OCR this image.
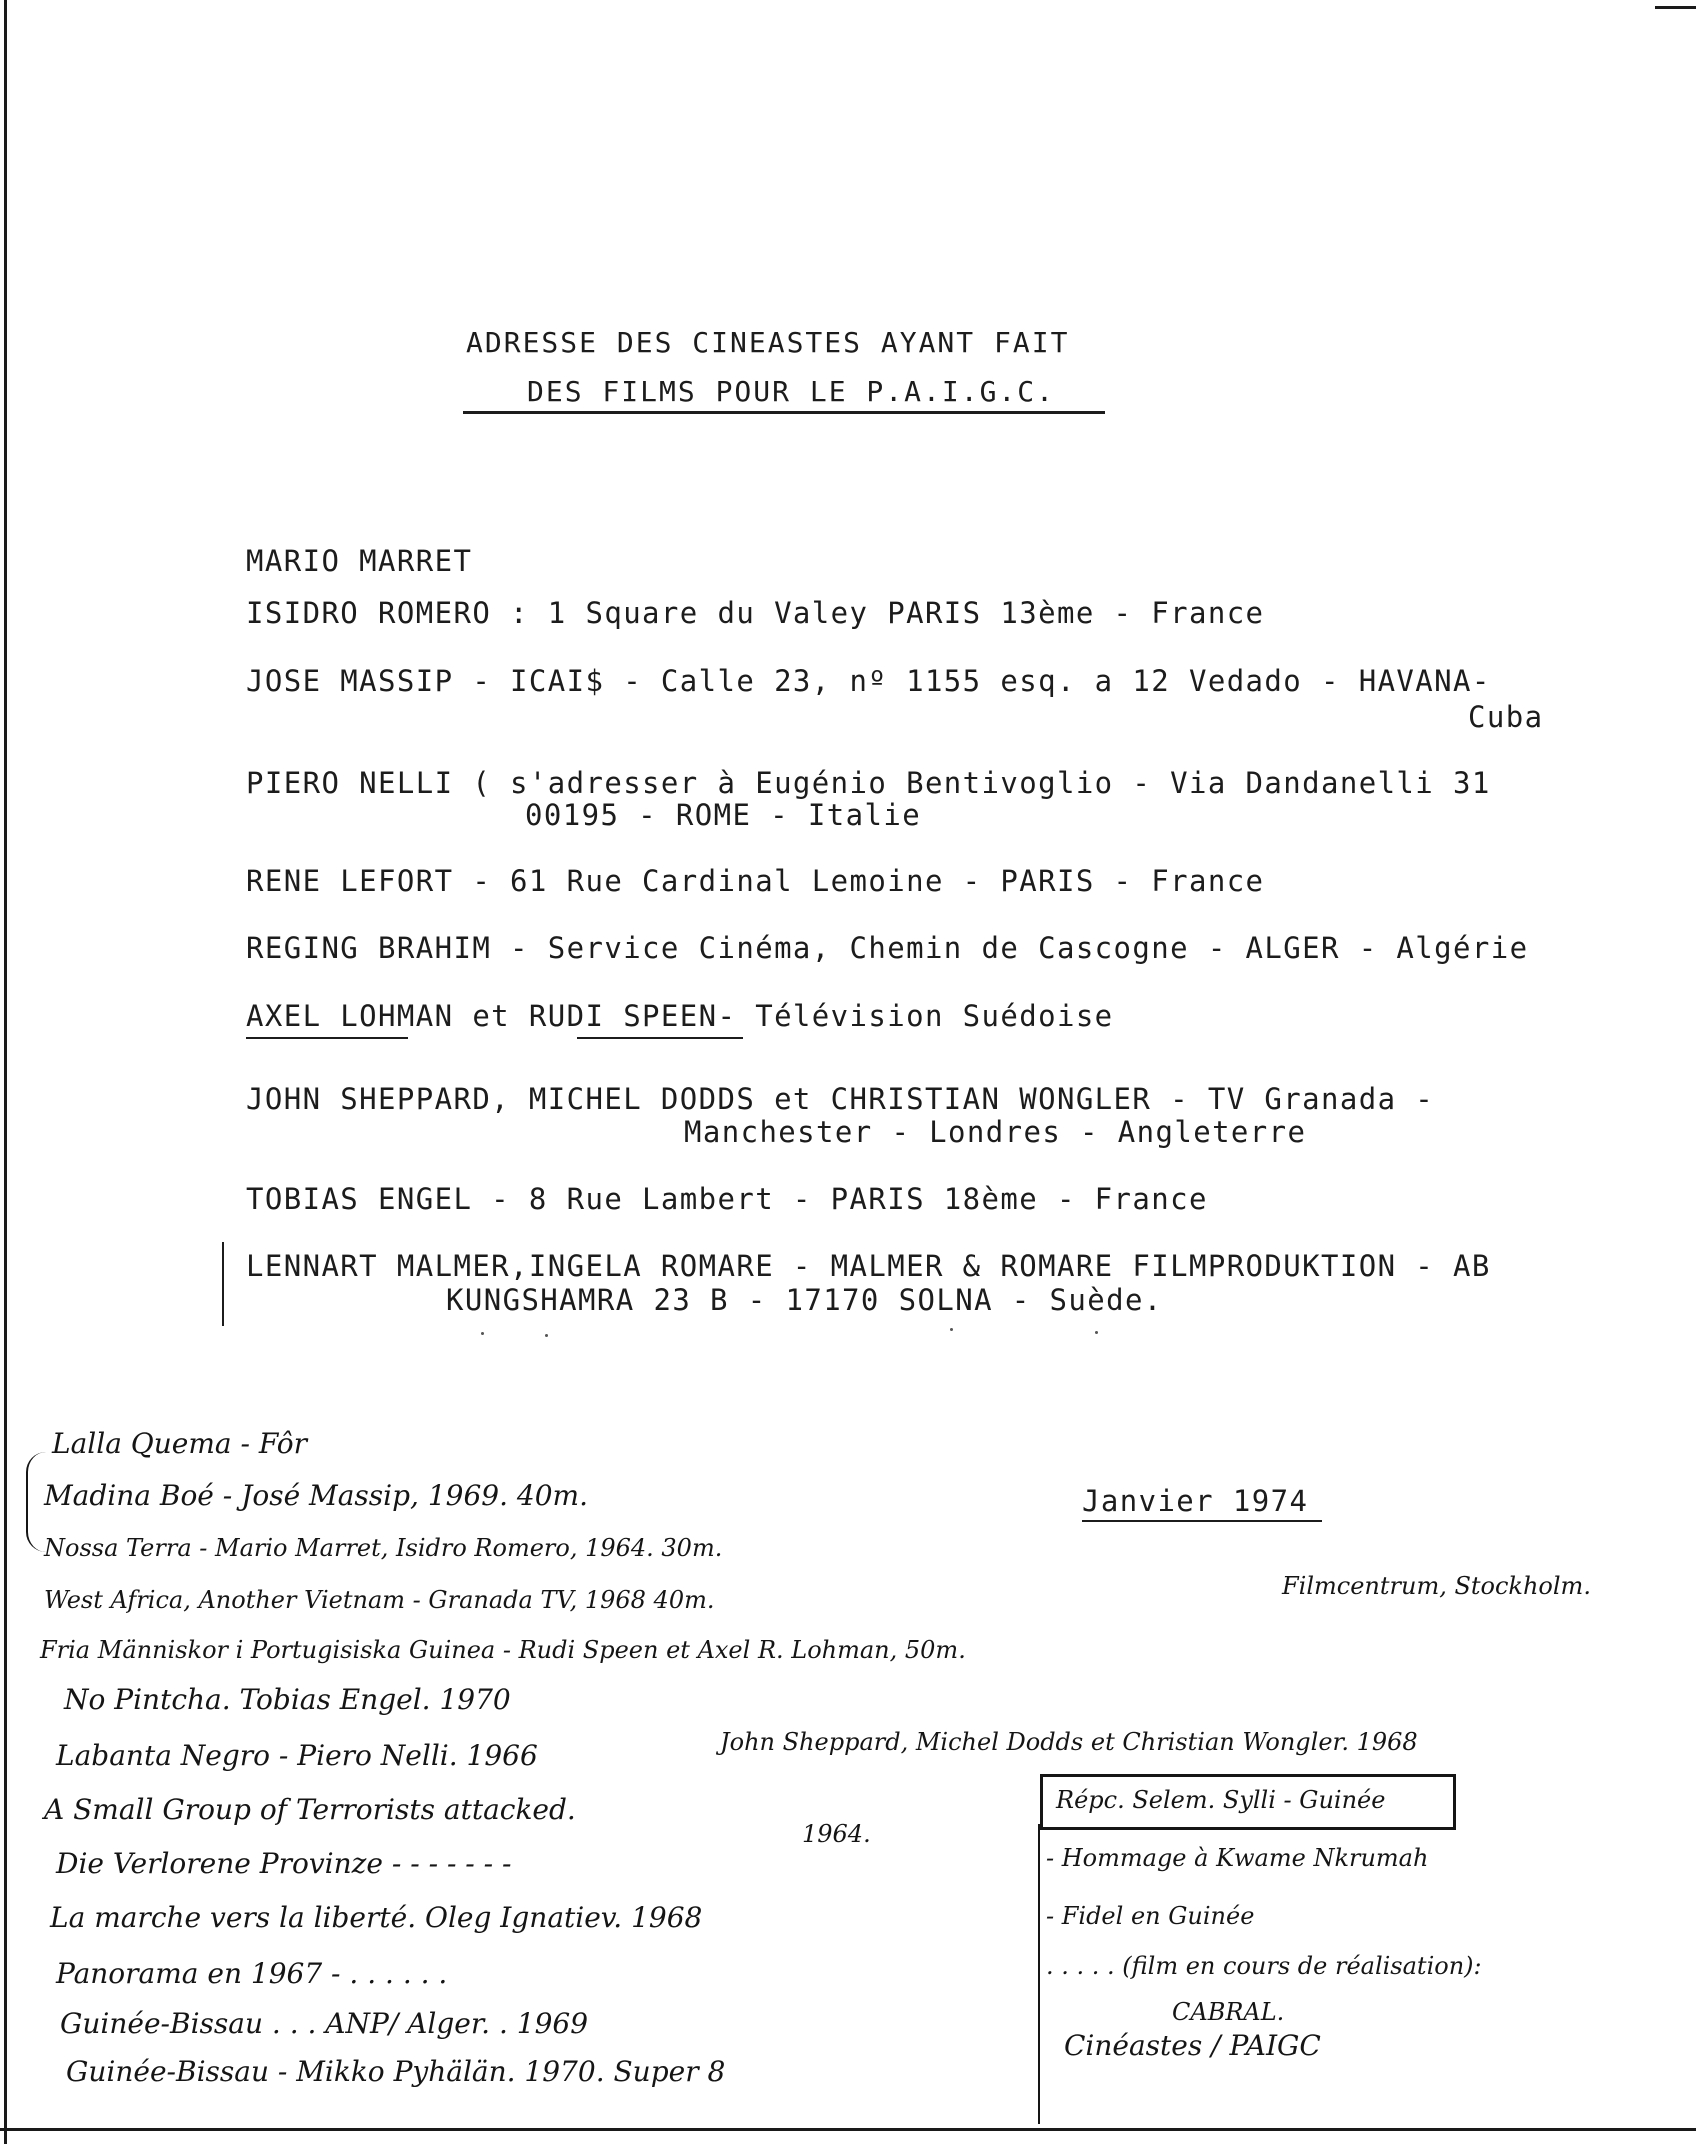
ADRESSE DES CINEASTES AYANT FAIT
DES FILMS POUR LE P.A.I.G.C.
MARIO MARRET
ISIDRO ROMERO : 1 Square du Valey PARIS 13ème - France
JOSE MASSIP - ICAI$ - Calle 23, nº 1155 esq. a 12 Vedado - HAVANA-
Cuba
PIERO NELLI ( s'adresser à Eugénio Bentivoglio - Via Dandanelli 31
00195 - ROME - Italie
RENE LEFORT - 61 Rue Cardinal Lemoine - PARIS - France
REGING BRAHIM - Service Cinéma, Chemin de Cascogne - ALGER - Algérie
AXEL LOHMAN et RUDI SPEEN- Télévision Suédoise
JOHN SHEPPARD, MICHEL DODDS et CHRISTIAN WONGLER - TV Granada -
Manchester - Londres - Angleterre
TOBIAS ENGEL - 8 Rue Lambert - PARIS 18ème - France
LENNART MALMER,INGELA ROMARE - MALMER & ROMARE FILMPRODUKTION - AB
KUNGSHAMRA 23 B - 17170 SOLNA - Suède.
Janvier 1974
Lalla Quema - Fôr
Madina Boé - José Massip, 1969. 40m.
Nossa Terra - Mario Marret, Isidro Romero, 1964. 30m.
West Africa, Another Vietnam - Granada TV, 1968 40m.	Filmcentrum, Stockholm.
Fria Människor i Portugisiska Guinea - Rudi Speen et Axel R. Lohman, 50m.
No Pintcha. Tobias Engel. 1970
Labanta Negro - Piero Nelli. 1966	John Sheppard, Michel Dodds et Christian Wongler. 1968
A Small Group of Terrorists attacked.
1964.
Die Verlorene Provinze - - - - - - -
La marche vers la liberté. Oleg Ignatiev. 1968
Panorama en 1967 - . . . . . .
Guinée-Bissau . . . ANP/ Alger. . 1969
Guinée-Bissau - Mikko Pyhälän. 1970. Super 8
Répc. Selem. Sylli - Guinée
- Hommage à Kwame Nkrumah
- Fidel en Guinée
. . . . . (film en cours de réalisation):
CABRAL.
Cinéastes / PAIGC
